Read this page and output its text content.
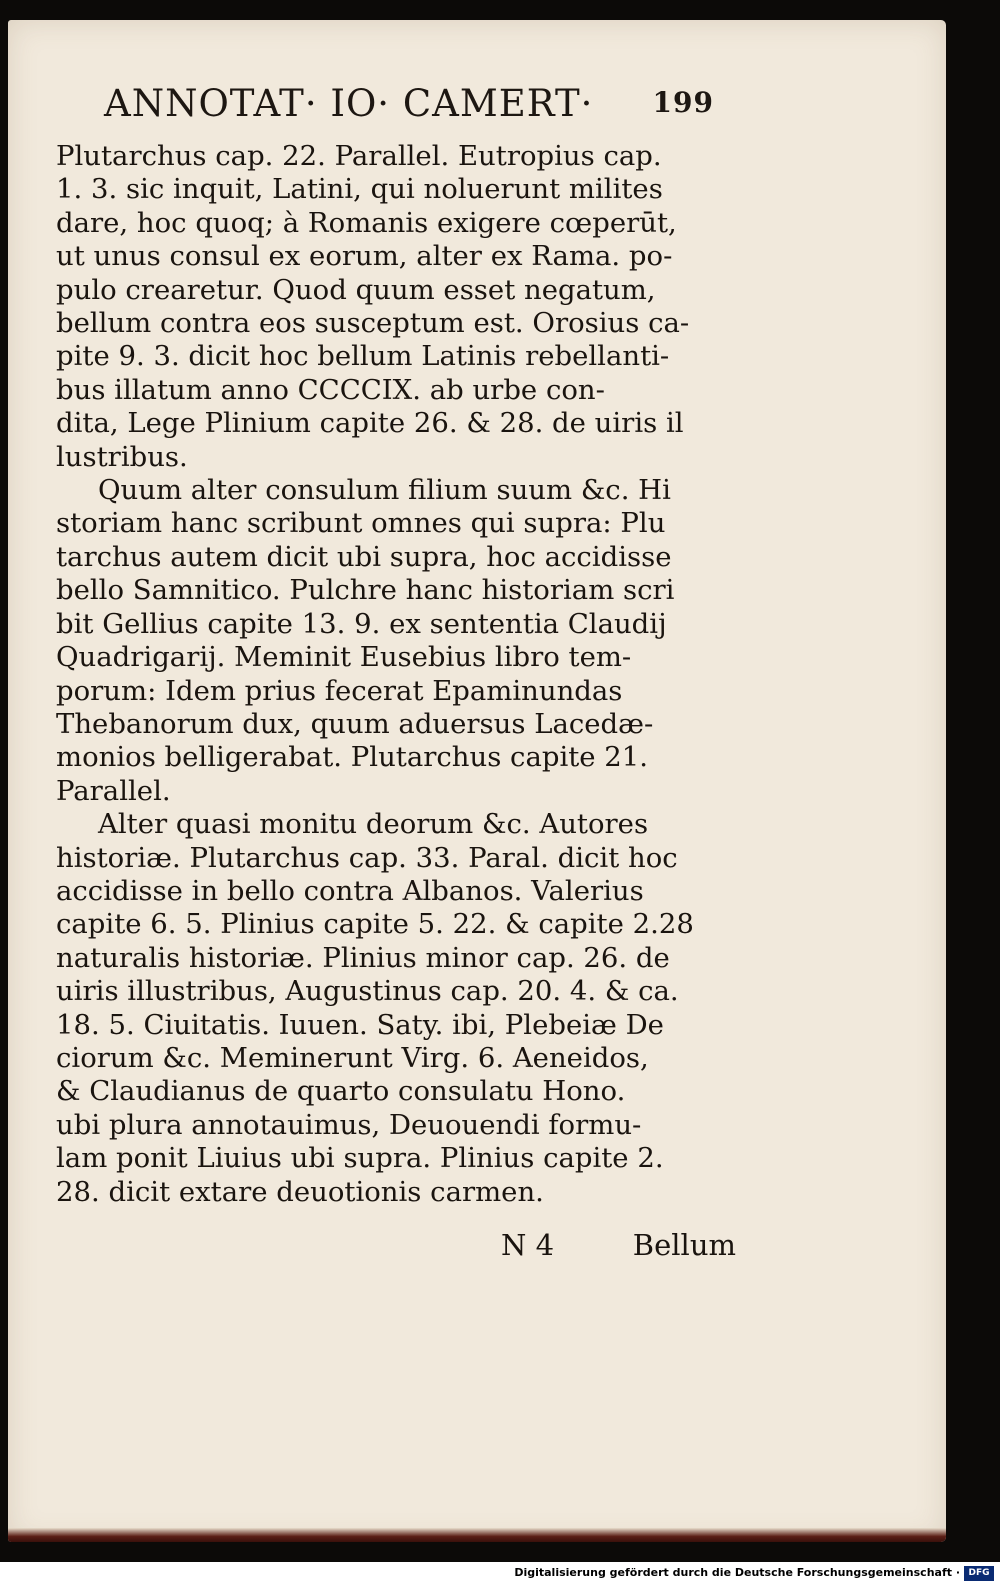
ANNOTAT· IO· CAMERT· 199
Plutarchus cap. 22. Parallel. Eutropius cap.
1. 3. sic inquit, Latini, qui noluerunt milites
dare, hoc quoq; à Romanis exigere cœperūt,
ut unus consul ex eorum, alter ex Rama. po-
pulo crearetur. Quod quum esset negatum,
bellum contra eos susceptum est. Orosius ca-
pite 9. 3. dicit hoc bellum Latinis rebellanti-
bus illatum anno CCCCIX. ab urbe con-
dita, Lege Plinium capite 26. & 28. de uiris il
lustribus.
Quum alter consulum filium suum &c. Hi
storiam hanc scribunt omnes qui supra: Plu
tarchus autem dicit ubi supra, hoc accidisse
bello Samnitico. Pulchre hanc historiam scri
bit Gellius capite 13. 9. ex sententia Claudij
Quadrigarij. Meminit Eusebius libro tem-
porum: Idem prius fecerat Epaminundas
Thebanorum dux, quum aduersus Lacedæ-
monios belligerabat. Plutarchus capite 21.
Parallel.
Alter quasi monitu deorum &c. Autores
historiæ. Plutarchus cap. 33. Paral. dicit hoc
accidisse in bello contra Albanos. Valerius
capite 6. 5. Plinius capite 5. 22. & capite 2.28
naturalis historiæ. Plinius minor cap. 26. de
uiris illustribus, Augustinus cap. 20. 4. & ca.
18. 5. Ciuitatis. Iuuen. Saty. ibi, Plebeiæ De
ciorum &c. Meminerunt Virg. 6. Aeneidos,
& Claudianus de quarto consulatu Hono.
ubi plura annotauimus, Deuouendi formu-
lam ponit Liuius ubi supra. Plinius capite 2.
28. dicit extare deuotionis carmen.
N 4	Bellum
Digitalisierung gefördert durch die Deutsche Forschungsgemeinschaft · DFG
